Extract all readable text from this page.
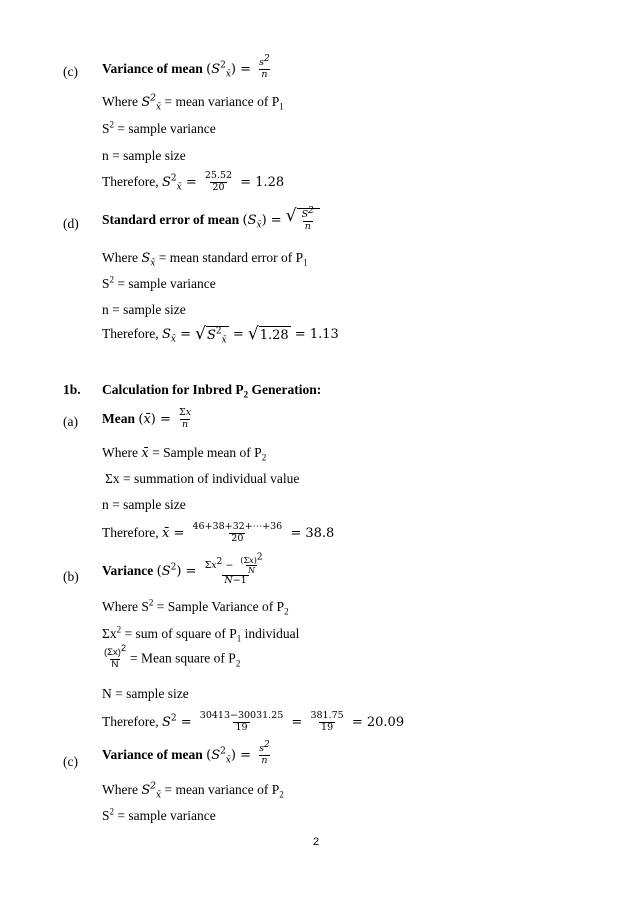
(c) Variance of mean $(S^2_{x̄}) = \frac{s^2}{n}$
Where $S^2_{x̄}$ = mean variance of $P_1$
$S^2$ = sample variance
n = sample size
Therefore, $S^2_{x̄} = \frac{25.52}{20} = 1.28$
(d) Standard error of mean $(S_{x̄})$ = √ $\frac{S^2}{n}$
Where $S_{x̄}$ = mean standard error of $P_1$
$S^2$ = sample variance
n = sample size
Therefore, $S_{x̄}$ = √ $S^2_{x̄}$ = √ 1.28 = 1.13
1b. Calculation for Inbred $P_2$ Generation:
(a) Mean (x̄) = $\frac{\Sigma x}{n}$
Where x̄ = Sample mean of $P_2$
Σx = summation of individual value
n = sample size
Therefore, x̄ = $\frac{46+38+32+\cdots+36}{20} = 38.8$
(b) Variance $(S^2) = \frac{\Sigma x^2 - \frac{(\Sigma x)^2}{N}}{N-1}$
Where $S^2$ = Sample Variance of $P_2$
$\Sigma x^2$ = sum of square of $P_1$ individual
$\frac{(\Sigma x)^2}{N}$ = Mean square of $P_2$
N = sample size
Therefore, $S^2 = \frac{30413-30031.25}{19} = \frac{381.75}{19} = 20.09$
(c) Variance of mean $(S^2_{x̄}) = \frac{s^2}{n}$
Where $S^2_{x̄}$ = mean variance of $P_2$
$S^2$ = sample variance
2
